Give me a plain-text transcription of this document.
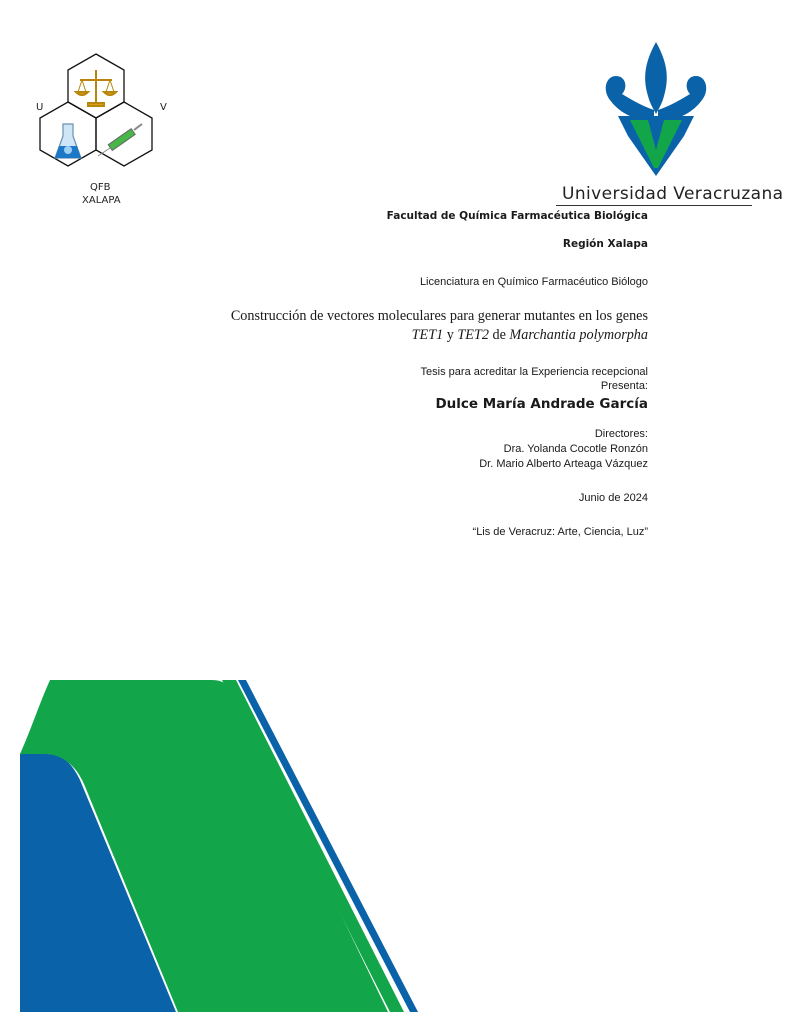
U	V
QFB
XALAPA	Universidad Veracruzana
Facultad de Química Farmacéutica Biológica
Región Xalapa
Licenciatura en Químico Farmacéutico Biólogo
Construcción de vectores moleculares para generar mutantes en los genes
TET1 y TET2 de Marchantia polymorpha
Tesis para acreditar la Experiencia recepcional
Presenta:
Dulce María Andrade García
Directores:
Dra. Yolanda Cocotle Ronzón
Dr. Mario Alberto Arteaga Vázquez
Junio de 2024
“Lis de Veracruz: Arte, Ciencia, Luz”
